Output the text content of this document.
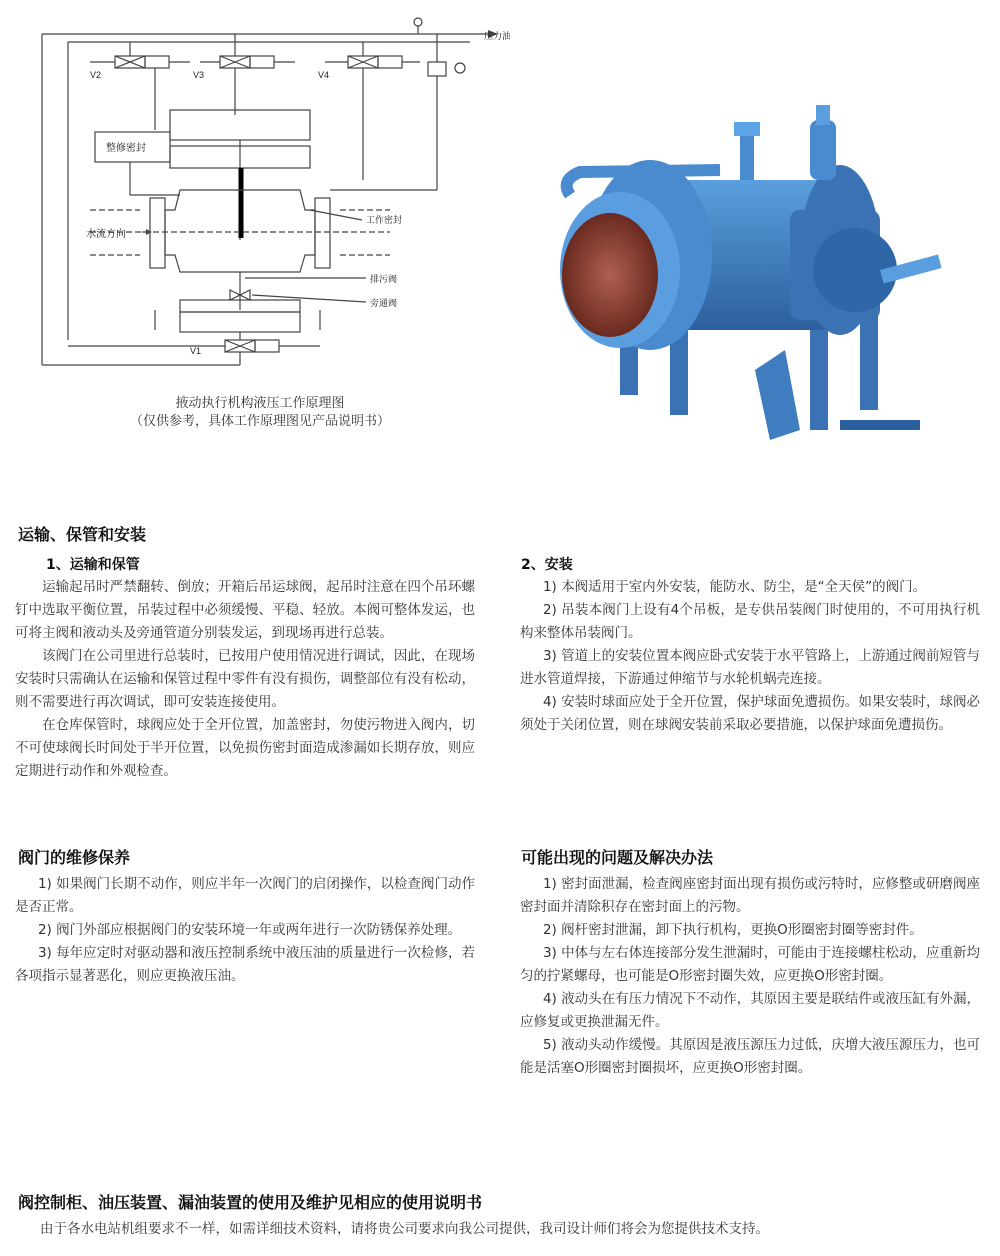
压力油
V2	V3	V4
整修密封
水流方向
工作密封
排污阀
旁通阀
V1
掖动执行机构液压工作原理图
（仅供参考，具体工作原理图见产品说明书）
运输、保管和安装
1、运输和保管
运输起吊时严禁翻转、倒放；开箱后吊运球阀，起吊时注意在四个吊环螺钉中选取平衡位置，吊装过程中必须缓慢、平稳、轻放。本阀可整体发运，也可将主阀和液动头及旁通管道分别装发运，到现场再进行总装。
该阀门在公司里进行总装时，已按用户使用情况进行调试，因此，在现场安装时只需确认在运输和保管过程中零件有没有损伤，调整部位有没有松动，则不需要进行再次调试，即可安装连接使用。
在仓库保管时，球阀应处于全开位置，加盖密封，勿使污物进入阀内，切不可使球阀长时间处于半开位置，以免损伤密封面造成渗漏如长期存放，则应定期进行动作和外观检查。
2、安装
1) 本阀适用于室内外安装，能防水、防尘，是“全天侯”的阀门。
2) 吊装本阀门上设有4个吊板，是专供吊装阀门时使用的，不可用执行机构来整体吊装阀门。
3) 管道上的安装位置本阀应卧式安装于水平管路上，上游通过阀前短管与进水管道焊接，下游通过伸缩节与水轮机蜗壳连接。
4) 安装时球面应处于全开位置，保护球面免遭损伤。如果安装时，球阀必须处于关闭位置，则在球阀安装前采取必要措施，以保护球面免遭损伤。
阀门的维修保养
1) 如果阀门长期不动作，则应半年一次阀门的启闭操作，以检查阀门动作是否正常。
2) 阀门外部应根据阀门的安装环境一年或两年进行一次防锈保养处理。
3) 每年应定时对驱动器和液压控制系统中液压油的质量进行一次检修，若各项指示显著恶化，则应更换液压油。
可能出现的问题及解决办法
1) 密封面泄漏，检查阀座密封面出现有损伤或污特时，应修整或研磨阀座密封面并清除积存在密封面上的污物。
2) 阀杆密封泄漏，卸下执行机构，更换O形圈密封圈等密封件。
3) 中体与左右体连接部分发生泄漏时，可能由于连接螺柱松动，应重新均匀的拧紧螺母，也可能是O形密封圈失效，应更换O形密封圈。
4) 液动头在有压力情况下不动作，其原因主要是联结件或液压缸有外漏，应修复或更换泄漏无件。
5) 液动头动作缓慢。其原因是液压源压力过低，庆增大液压源压力，也可能是活塞O形圈密封圈损坏，应更换O形密封圈。
阀控制柜、油压装置、漏油装置的使用及维护见相应的使用说明书
由于各水电站机组要求不一样，如需详细技术资料，请将贵公司要求向我公司提供，我司设计师们将会为您提供技术支持。
